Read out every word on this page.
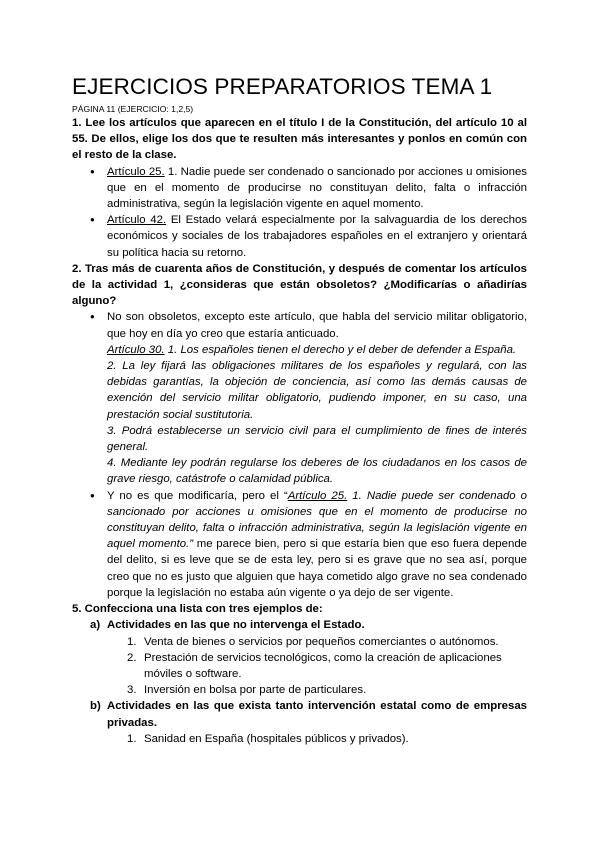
EJERCICIOS PREPARATORIOS TEMA 1
PÁGINA 11 (EJERCICIO: 1,2,5)

1. Lee los artículos que aparecen en el título I de la Constitución, del artículo 10 al 55. De ellos, elige los dos que te resulten más interesantes y ponlos en común con el resto de la clase.

● Artículo 25. 1. Nadie puede ser condenado o sancionado por acciones u omisiones que en el momento de producirse no constituyan delito, falta o infracción administrativa, según la legislación vigente en aquel momento.
● Artículo 42. El Estado velará especialmente por la salvaguardia de los derechos económicos y sociales de los trabajadores españoles en el extranjero y orientará su política hacia su retorno.

2. Tras más de cuarenta años de Constitución, y después de comentar los artículos de la actividad 1, ¿consideras que están obsoletos? ¿Modificarías o añadirías alguno?

● No son obsoletos, excepto este artículo, que habla del servicio militar obligatorio, que hoy en día yo creo que estaría anticuado.
Artículo 30. 1. Los españoles tienen el derecho y el deber de defender a España.
2. La ley fijará las obligaciones militares de los españoles y regulará, con las debidas garantías, la objeción de conciencia, así como las demás causas de exención del servicio militar obligatorio, pudiendo imponer, en su caso, una prestación social sustitutoria.
3. Podrá establecerse un servicio civil para el cumplimiento de fines de interés general.
4. Mediante ley podrán regularse los deberes de los ciudadanos en los casos de grave riesgo, catástrofe o calamidad pública.
● Y no es que modificaría, pero el “Artículo 25. 1. Nadie puede ser condenado o sancionado por acciones u omisiones que en el momento de producirse no constituyan delito, falta o infracción administrativa, según la legislación vigente en aquel momento.” me parece bien, pero si que estaría bien que eso fuera depende del delito, si es leve que se de esta ley, pero si es grave que no sea así, porque creo que no es justo que alguien que haya cometido algo grave no sea condenado porque la legislación no estaba aún vigente o ya dejo de ser vigente.

5. Confecciona una lista con tres ejemplos de:

a) Actividades en las que no intervenga el Estado.
1. Venta de bienes o servicios por pequeños comerciantes o autónomos.
2. Prestación de servicios tecnológicos, como la creación de aplicaciones móviles o software.
3. Inversión en bolsa por parte de particulares.
b) Actividades en las que exista tanto intervención estatal como de empresas privadas.
1. Sanidad en España (hospitales públicos y privados).
